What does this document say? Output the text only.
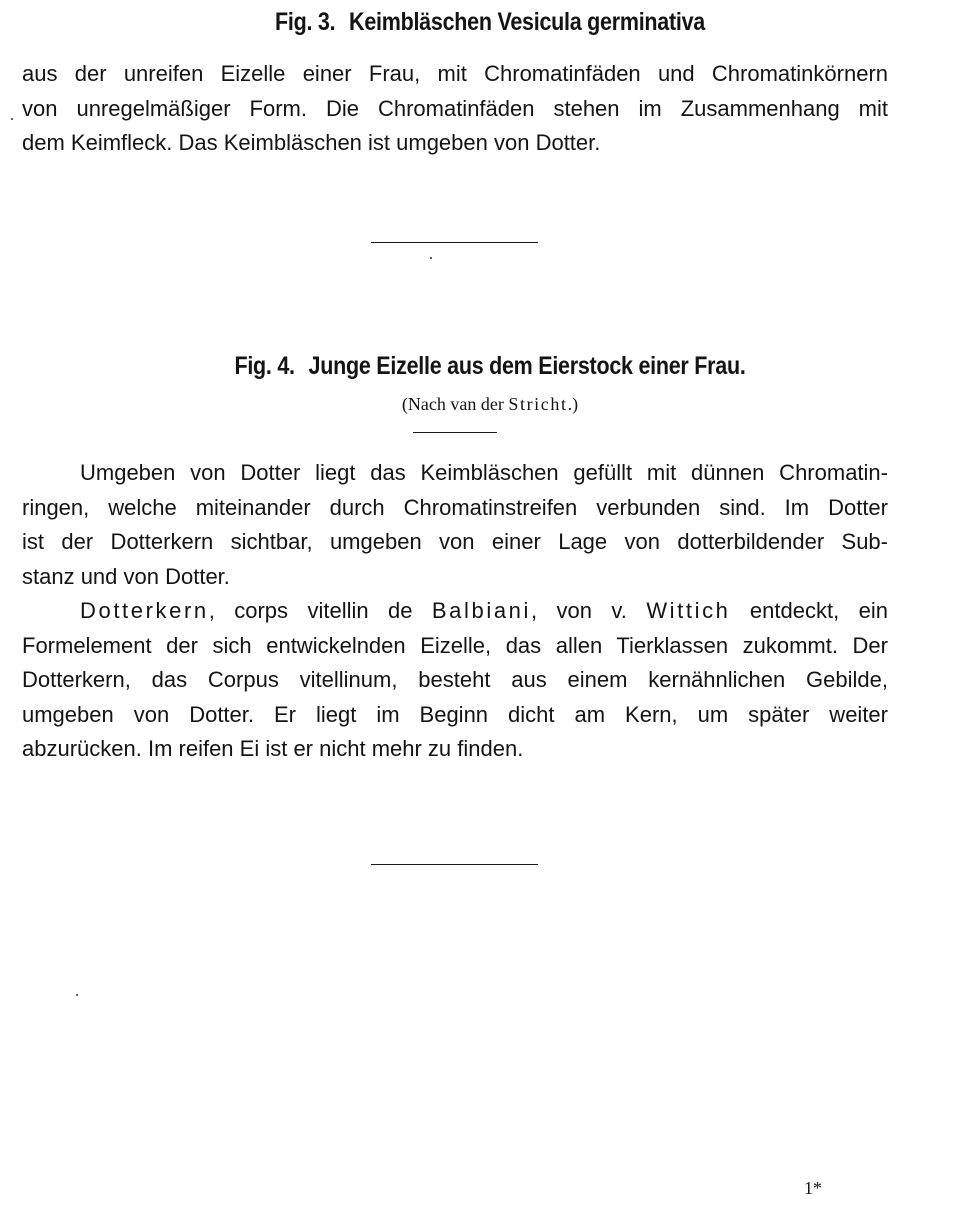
Fig. 3. Keimbläschen Vesicula germinativa
aus der unreifen Eizelle einer Frau, mit Chromatinfäden und Chromatinkörnern
von unregelmäßiger Form. Die Chromatinfäden stehen im Zusammenhang mit
dem Keimfleck. Das Keimbläschen ist umgeben von Dotter.
Fig. 4. Junge Eizelle aus dem Eierstock einer Frau.
(Nach van der Stricht.)
Umgeben von Dotter liegt das Keimbläschen gefüllt mit dünnen Chromatin-
ringen, welche miteinander durch Chromatinstreifen verbunden sind. Im Dotter
ist der Dotterkern sichtbar, umgeben von einer Lage von dotterbildender Sub-
stanz und von Dotter.
Dotterkern, corps vitellin de Balbiani, von v. Wittich entdeckt, ein
Formelement der sich entwickelnden Eizelle, das allen Tierklassen zukommt. Der
Dotterkern, das Corpus vitellinum, besteht aus einem kernähnlichen Gebilde,
umgeben von Dotter. Er liegt im Beginn dicht am Kern, um später weiter
abzurücken. Im reifen Ei ist er nicht mehr zu finden.
1*
